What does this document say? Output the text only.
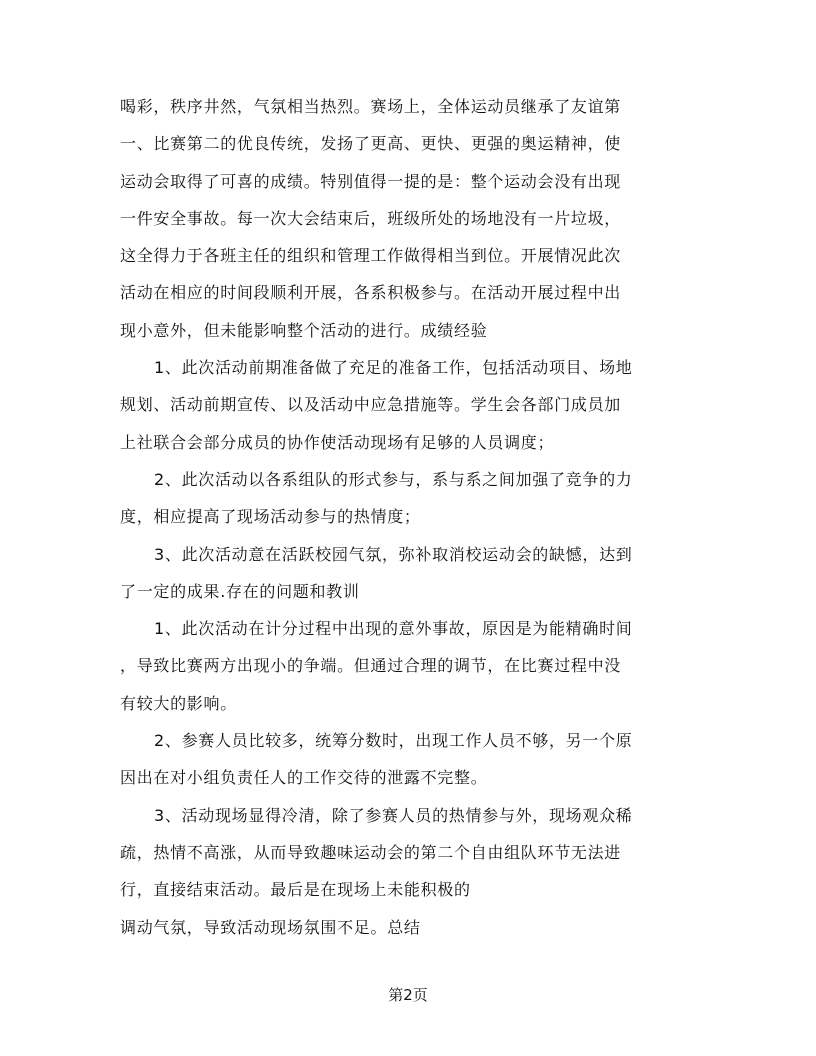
喝彩，秩序井然，气氛相当热烈。赛场上，全体运动员继承了友谊第
一、比赛第二的优良传统，发扬了更高、更快、更强的奥运精神，使
运动会取得了可喜的成绩。特别值得一提的是：整个运动会没有出现
一件安全事故。每一次大会结束后，班级所处的场地没有一片垃圾，
这全得力于各班主任的组织和管理工作做得相当到位。开展情况此次
活动在相应的时间段顺利开展，各系积极参与。在活动开展过程中出
现小意外，但未能影响整个活动的进行。成绩经验
1、此次活动前期准备做了充足的准备工作，包括活动项目、场地
规划、活动前期宣传、以及活动中应急措施等。学生会各部门成员加
上社联合会部分成员的协作使活动现场有足够的人员调度；
2、此次活动以各系组队的形式参与，系与系之间加强了竞争的力
度，相应提高了现场活动参与的热情度；
3、此次活动意在活跃校园气氛，弥补取消校运动会的缺憾，达到
了一定的成果.存在的问题和教训
1、此次活动在计分过程中出现的意外事故，原因是为能精确时间
，导致比赛两方出现小的争端。但通过合理的调节，在比赛过程中没
有较大的影响。
2、参赛人员比较多，统筹分数时，出现工作人员不够，另一个原
因出在对小组负责任人的工作交待的泄露不完整。
3、活动现场显得冷清，除了参赛人员的热情参与外，现场观众稀
疏，热情不高涨，从而导致趣味运动会的第二个自由组队环节无法进
行，直接结束活动。最后是在现场上未能积极的
调动气氛，导致活动现场氛围不足。总结
第2页
